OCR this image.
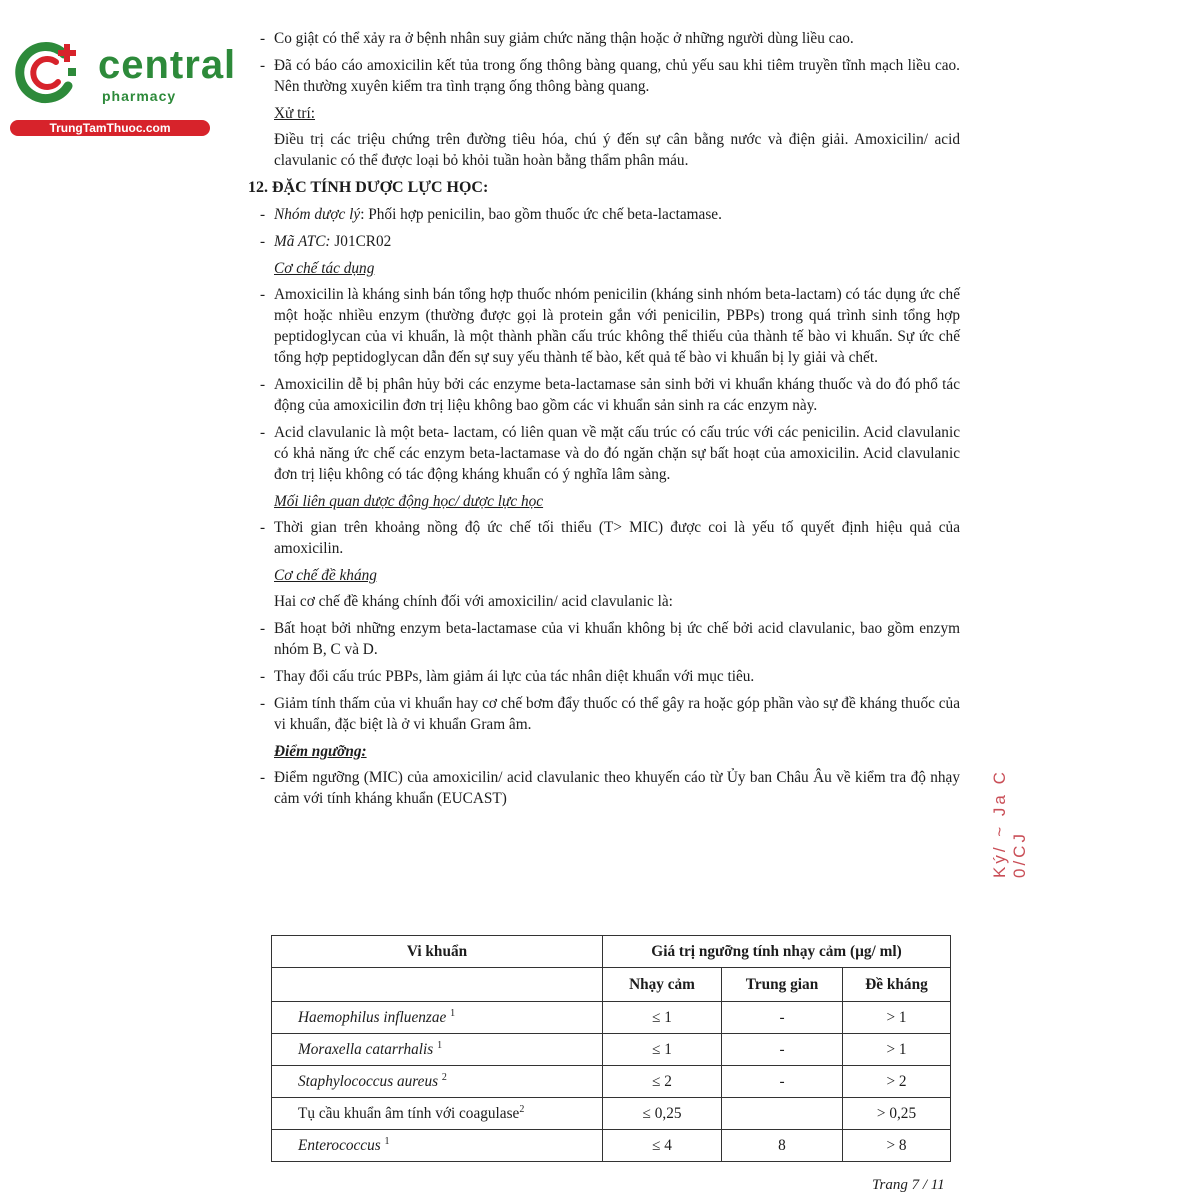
central
pharmacy
TrungTamThuoc.com
Ký/ ~ Ja C 0/CJ
- Co giật có thể xảy ra ở bệnh nhân suy giảm chức năng thận hoặc ở những người dùng liều cao.
- Đã có báo cáo amoxicilin kết tủa trong ống thông bàng quang, chủ yếu sau khi tiêm truyền tĩnh mạch liều cao. Nên thường xuyên kiểm tra tình trạng ống thông bàng quang.
Xử trí:
Điều trị các triệu chứng trên đường tiêu hóa, chú ý đến sự cân bằng nước và điện giải. Amoxicilin/ acid clavulanic có thể được loại bỏ khỏi tuần hoàn bằng thẩm phân máu.
12. ĐẶC TÍNH DƯỢC LỰC HỌC:
- Nhóm dược lý: Phối hợp penicilin, bao gồm thuốc ức chế beta-lactamase.
- Mã ATC: J01CR02
Cơ chế tác dụng
- Amoxicilin là kháng sinh bán tổng hợp thuốc nhóm penicilin (kháng sinh nhóm beta-lactam) có tác dụng ức chế một hoặc nhiều enzym (thường được gọi là protein gắn với penicilin, PBPs) trong quá trình sinh tổng hợp peptidoglycan của vi khuẩn, là một thành phần cấu trúc không thể thiếu của thành tế bào vi khuẩn. Sự ức chế tổng hợp peptidoglycan dẫn đến sự suy yếu thành tế bào, kết quả tế bào vi khuẩn bị ly giải và chết.
- Amoxicilin dễ bị phân hủy bởi các enzyme beta-lactamase sản sinh bởi vi khuẩn kháng thuốc và do đó phổ tác động của amoxicilin đơn trị liệu không bao gồm các vi khuẩn sản sinh ra các enzym này.
- Acid clavulanic là một beta- lactam, có liên quan về mặt cấu trúc có cấu trúc với các penicilin. Acid clavulanic có khả năng ức chế các enzym beta-lactamase và do đó ngăn chặn sự bất hoạt của amoxicilin. Acid clavulanic đơn trị liệu không có tác động kháng khuẩn có ý nghĩa lâm sàng.
Mối liên quan dược động học/ dược lực học
- Thời gian trên khoảng nồng độ ức chế tối thiểu (T> MIC) được coi là yếu tố quyết định hiệu quả của amoxicilin.
Cơ chế đề kháng
Hai cơ chế đề kháng chính đối với amoxicilin/ acid clavulanic là:
- Bất hoạt bởi những enzym beta-lactamase của vi khuẩn không bị ức chế bởi acid clavulanic, bao gồm enzym nhóm B, C và D.
- Thay đổi cấu trúc PBPs, làm giảm ái lực của tác nhân diệt khuẩn với mục tiêu.
- Giảm tính thấm của vi khuẩn hay cơ chế bơm đẩy thuốc có thể gây ra hoặc góp phần vào sự đề kháng thuốc của vi khuẩn, đặc biệt là ở vi khuẩn Gram âm.
Điểm ngưỡng:
- Điểm ngưỡng (MIC) của amoxicilin/ acid clavulanic theo khuyến cáo từ Ủy ban Châu Âu về kiểm tra độ nhạy cảm với tính kháng khuẩn (EUCAST)
Vi khuẩn	Giá trị ngưỡng tính nhạy cảm (µg/ ml)		
	Nhạy cảm	Trung gian	Đề kháng
Haemophilus influenzae $^1$	≤ 1	-	> 1
Moraxella catarrhalis $^1$	≤ 1	-	> 1
Staphylococcus aureus $^2$	≤ 2	-	> 2
Tụ cầu khuẩn âm tính với coagulase$^2$	≤ 0,25		> 0,25
Enterococcus $^1$	≤ 4	8	> 8
Trang 7 / 11
